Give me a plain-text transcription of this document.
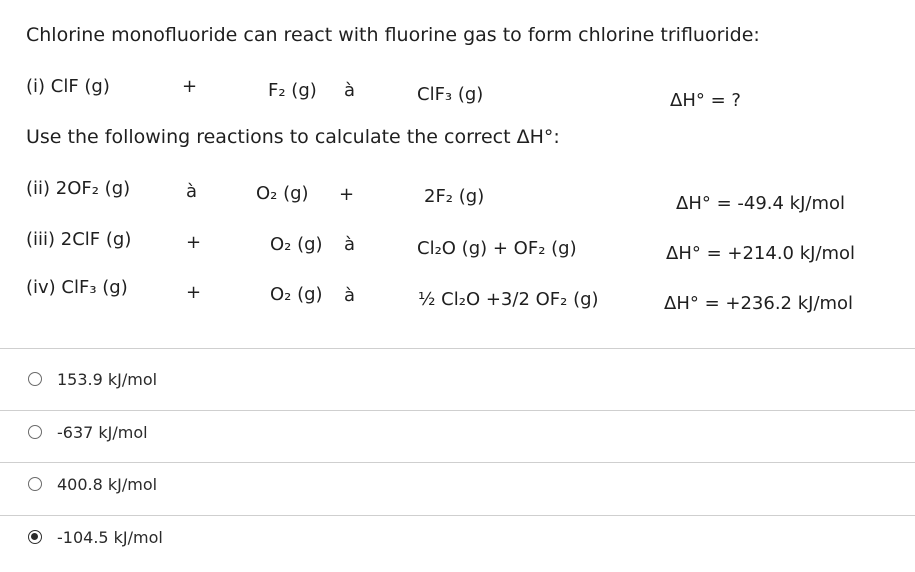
Chlorine monofluoride can react with fluorine gas to form chlorine trifluoride:
(i) ClF (g)	+	F₂ (g) à	ClF₃ (g)	ΔH° = ?
Use the following reactions to calculate the correct ΔH°:
(ii) 2OF₂ (g)	à	O₂ (g) +	2F₂ (g)	ΔH° = -49.4 kJ/mol
(iii) 2ClF (g)	+	O₂ (g) à	Cl₂O (g) + OF₂ (g)	ΔH° = +214.0 kJ/mol
(iv) ClF₃ (g)	+	O₂ (g) à	½ Cl₂O +3/2 OF₂ (g)	ΔH° = +236.2 kJ/mol
153.9 kJ/mol
-637 kJ/mol
400.8 kJ/mol
-104.5 kJ/mol
